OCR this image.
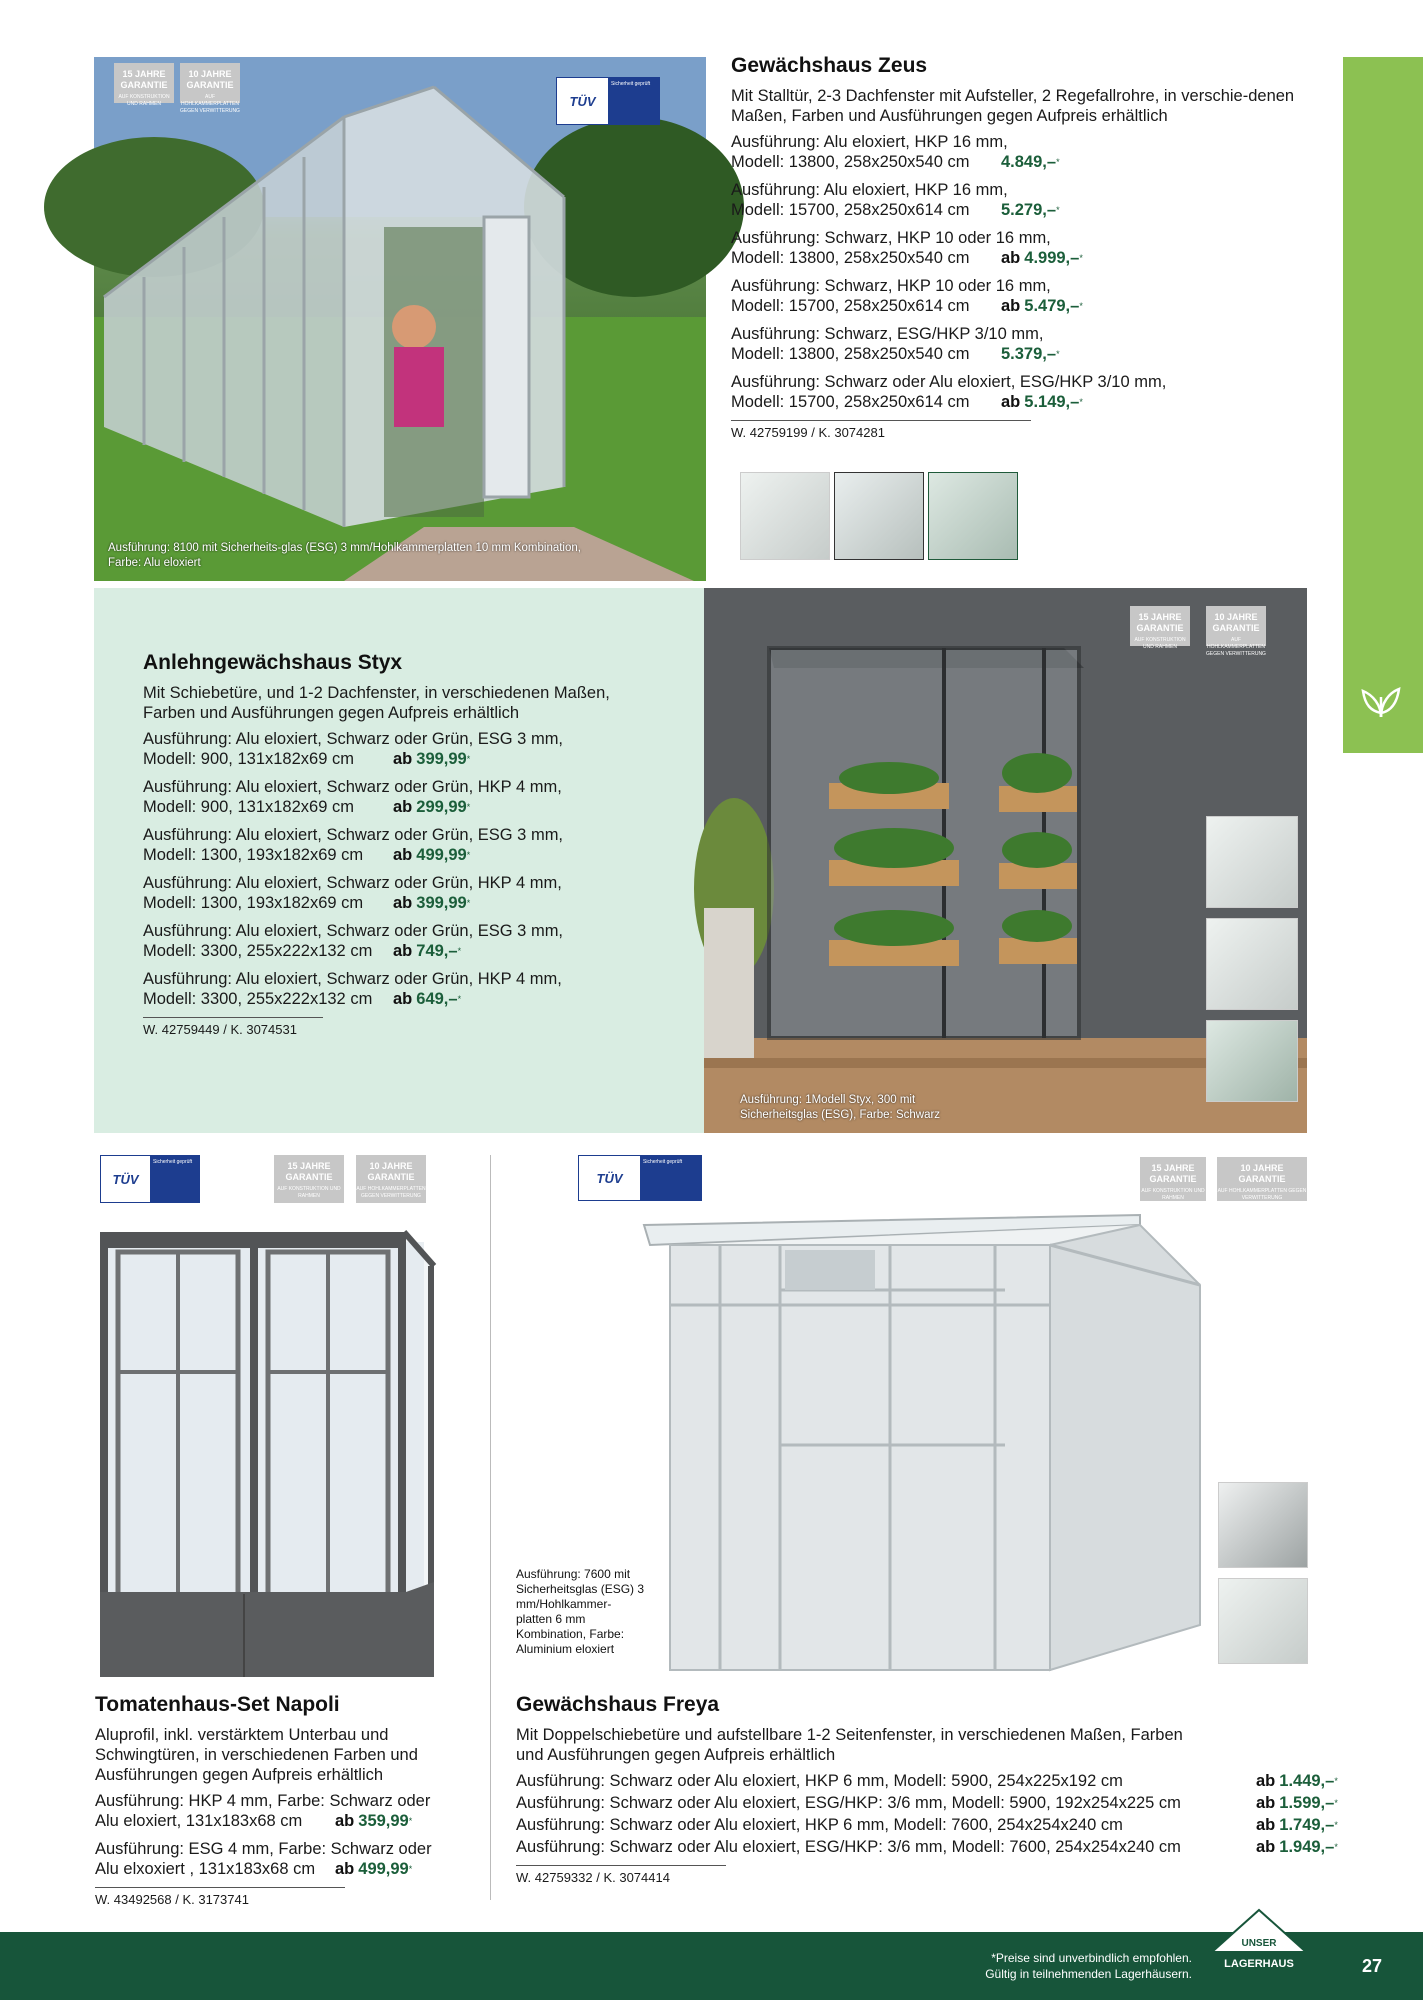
15 JAHRE GARANTIE
AUF KONSTRUKTION UND RAHMEN
10 JAHRE GARANTIE
AUF HOHLKAMMERPLATTEN GEGEN VERWITTERUNG
TÜV
Sicherheit geprüft
Ausführung: 8100 mit Sicherheits-glas (ESG) 3 mm/Hohlkammerplatten 10 mm Kombination, Farbe: Alu eloxiert
Gewächshaus Zeus
Mit Stalltür, 2-3 Dachfenster mit Aufsteller, 2 Regefallrohre, in verschie-denen Maßen, Farben und Ausführungen gegen Aufpreis erhältlich
Ausführung: Alu eloxiert, HKP 16 mm,
Modell: 13800, 258x250x540 cm	4.849,– *
Ausführung: Alu eloxiert, HKP 16 mm,
Modell: 15700, 258x250x614 cm	5.279,– *
Ausführung: Schwarz, HKP 10 oder 16 mm,
Modell: 13800, 258x250x540 cm	ab 4.999,– *
Ausführung: Schwarz, HKP 10 oder 16 mm,
Modell: 15700, 258x250x614 cm	ab 5.479,– *
Ausführung: Schwarz, ESG/HKP 3/10 mm,
Modell: 13800, 258x250x540 cm	5.379,– *
Ausführung: Schwarz oder Alu eloxiert, ESG/HKP 3/10 mm,
Modell: 15700, 258x250x614 cm	ab 5.149,– *
W. 42759199 / K. 3074281
Anlehngewächshaus Styx
Mit Schiebetüre, und 1-2 Dachfenster, in verschiedenen Maßen, Farben und Ausführungen gegen Aufpreis erhältlich
Ausführung: Alu eloxiert, Schwarz oder Grün, ESG 3 mm,
Modell: 900, 131x182x69 cm	ab 399,99 *
Ausführung: Alu eloxiert, Schwarz oder Grün, HKP 4 mm,
Modell: 900, 131x182x69 cm	ab 299,99 *
Ausführung: Alu eloxiert, Schwarz oder Grün, ESG 3 mm,
Modell: 1300, 193x182x69 cm	ab 499,99 *
Ausführung: Alu eloxiert, Schwarz oder Grün, HKP 4 mm,
Modell: 1300, 193x182x69 cm	ab 399,99 *
Ausführung: Alu eloxiert, Schwarz oder Grün, ESG 3 mm,
Modell: 3300, 255x222x132 cm	ab 749,– *
Ausführung: Alu eloxiert, Schwarz oder Grün, HKP 4 mm,
Modell: 3300, 255x222x132 cm	ab 649,– *
W. 42759449 / K. 3074531
15 JAHRE GARANTIE
AUF KONSTRUKTION UND RAHMEN
10 JAHRE GARANTIE
AUF HOHLKAMMERPLATTEN GEGEN VERWITTERUNG
Ausführung: 1Modell Styx, 300 mit Sicherheitsglas (ESG), Farbe: Schwarz
TÜV
Sicherheit geprüft	15 JAHRE GARANTIE
AUF KONSTRUKTION UND RAHMEN
10 JAHRE GARANTIE
AUF HOHLKAMMERPLATTEN GEGEN VERWITTERUNG
Tomatenhaus-Set Napoli
Aluprofil, inkl. verstärktem Unterbau und Schwingtüren, in verschiedenen Farben und Ausführungen gegen Aufpreis erhältlich
Ausführung: HKP 4 mm, Farbe: Schwarz oder
Alu eloxiert, 131x183x68 cm	ab 359,99 *
Ausführung: ESG 4 mm, Farbe: Schwarz oder
Alu elxoxiert , 131x183x68 cm	ab 499,99 *
W. 43492568 / K. 3173741
TÜV
Sicherheit geprüft
15 JAHRE GARANTIE
AUF KONSTRUKTION UND RAHMEN
10 JAHRE GARANTIE
AUF HOHLKAMMERPLATTEN GEGEN VERWITTERUNG
Ausführung: 7600 mit Sicherheitsglas (ESG) 3 mm/Hohlkammer-platten 6 mm Kombination, Farbe: Aluminium eloxiert
Gewächshaus Freya
Mit Doppelschiebetüre und aufstellbare 1-2 Seitenfenster, in verschiedenen Maßen, Farben und Ausführungen gegen Aufpreis erhältlich
Ausführung: Schwarz oder Alu eloxiert, HKP 6 mm, Modell: 5900, 254x225x192 cm	ab 1.449,– *
Ausführung: Schwarz oder Alu eloxiert, ESG/HKP: 3/6 mm, Modell: 5900, 192x254x225 cm	ab 1.599,– *
Ausführung: Schwarz oder Alu eloxiert, HKP 6 mm, Modell: 7600, 254x254x240 cm	ab 1.749,– *
Ausführung: Schwarz oder Alu eloxiert, ESG/HKP: 3/6 mm, Modell: 7600, 254x254x240 cm	ab 1.949,– *
W. 42759332 / K. 3074414
*Preise sind unverbindlich empfohlen.
Gültig in teilnehmenden Lagerhäusern.
UNSER
LAGERHAUS	27
